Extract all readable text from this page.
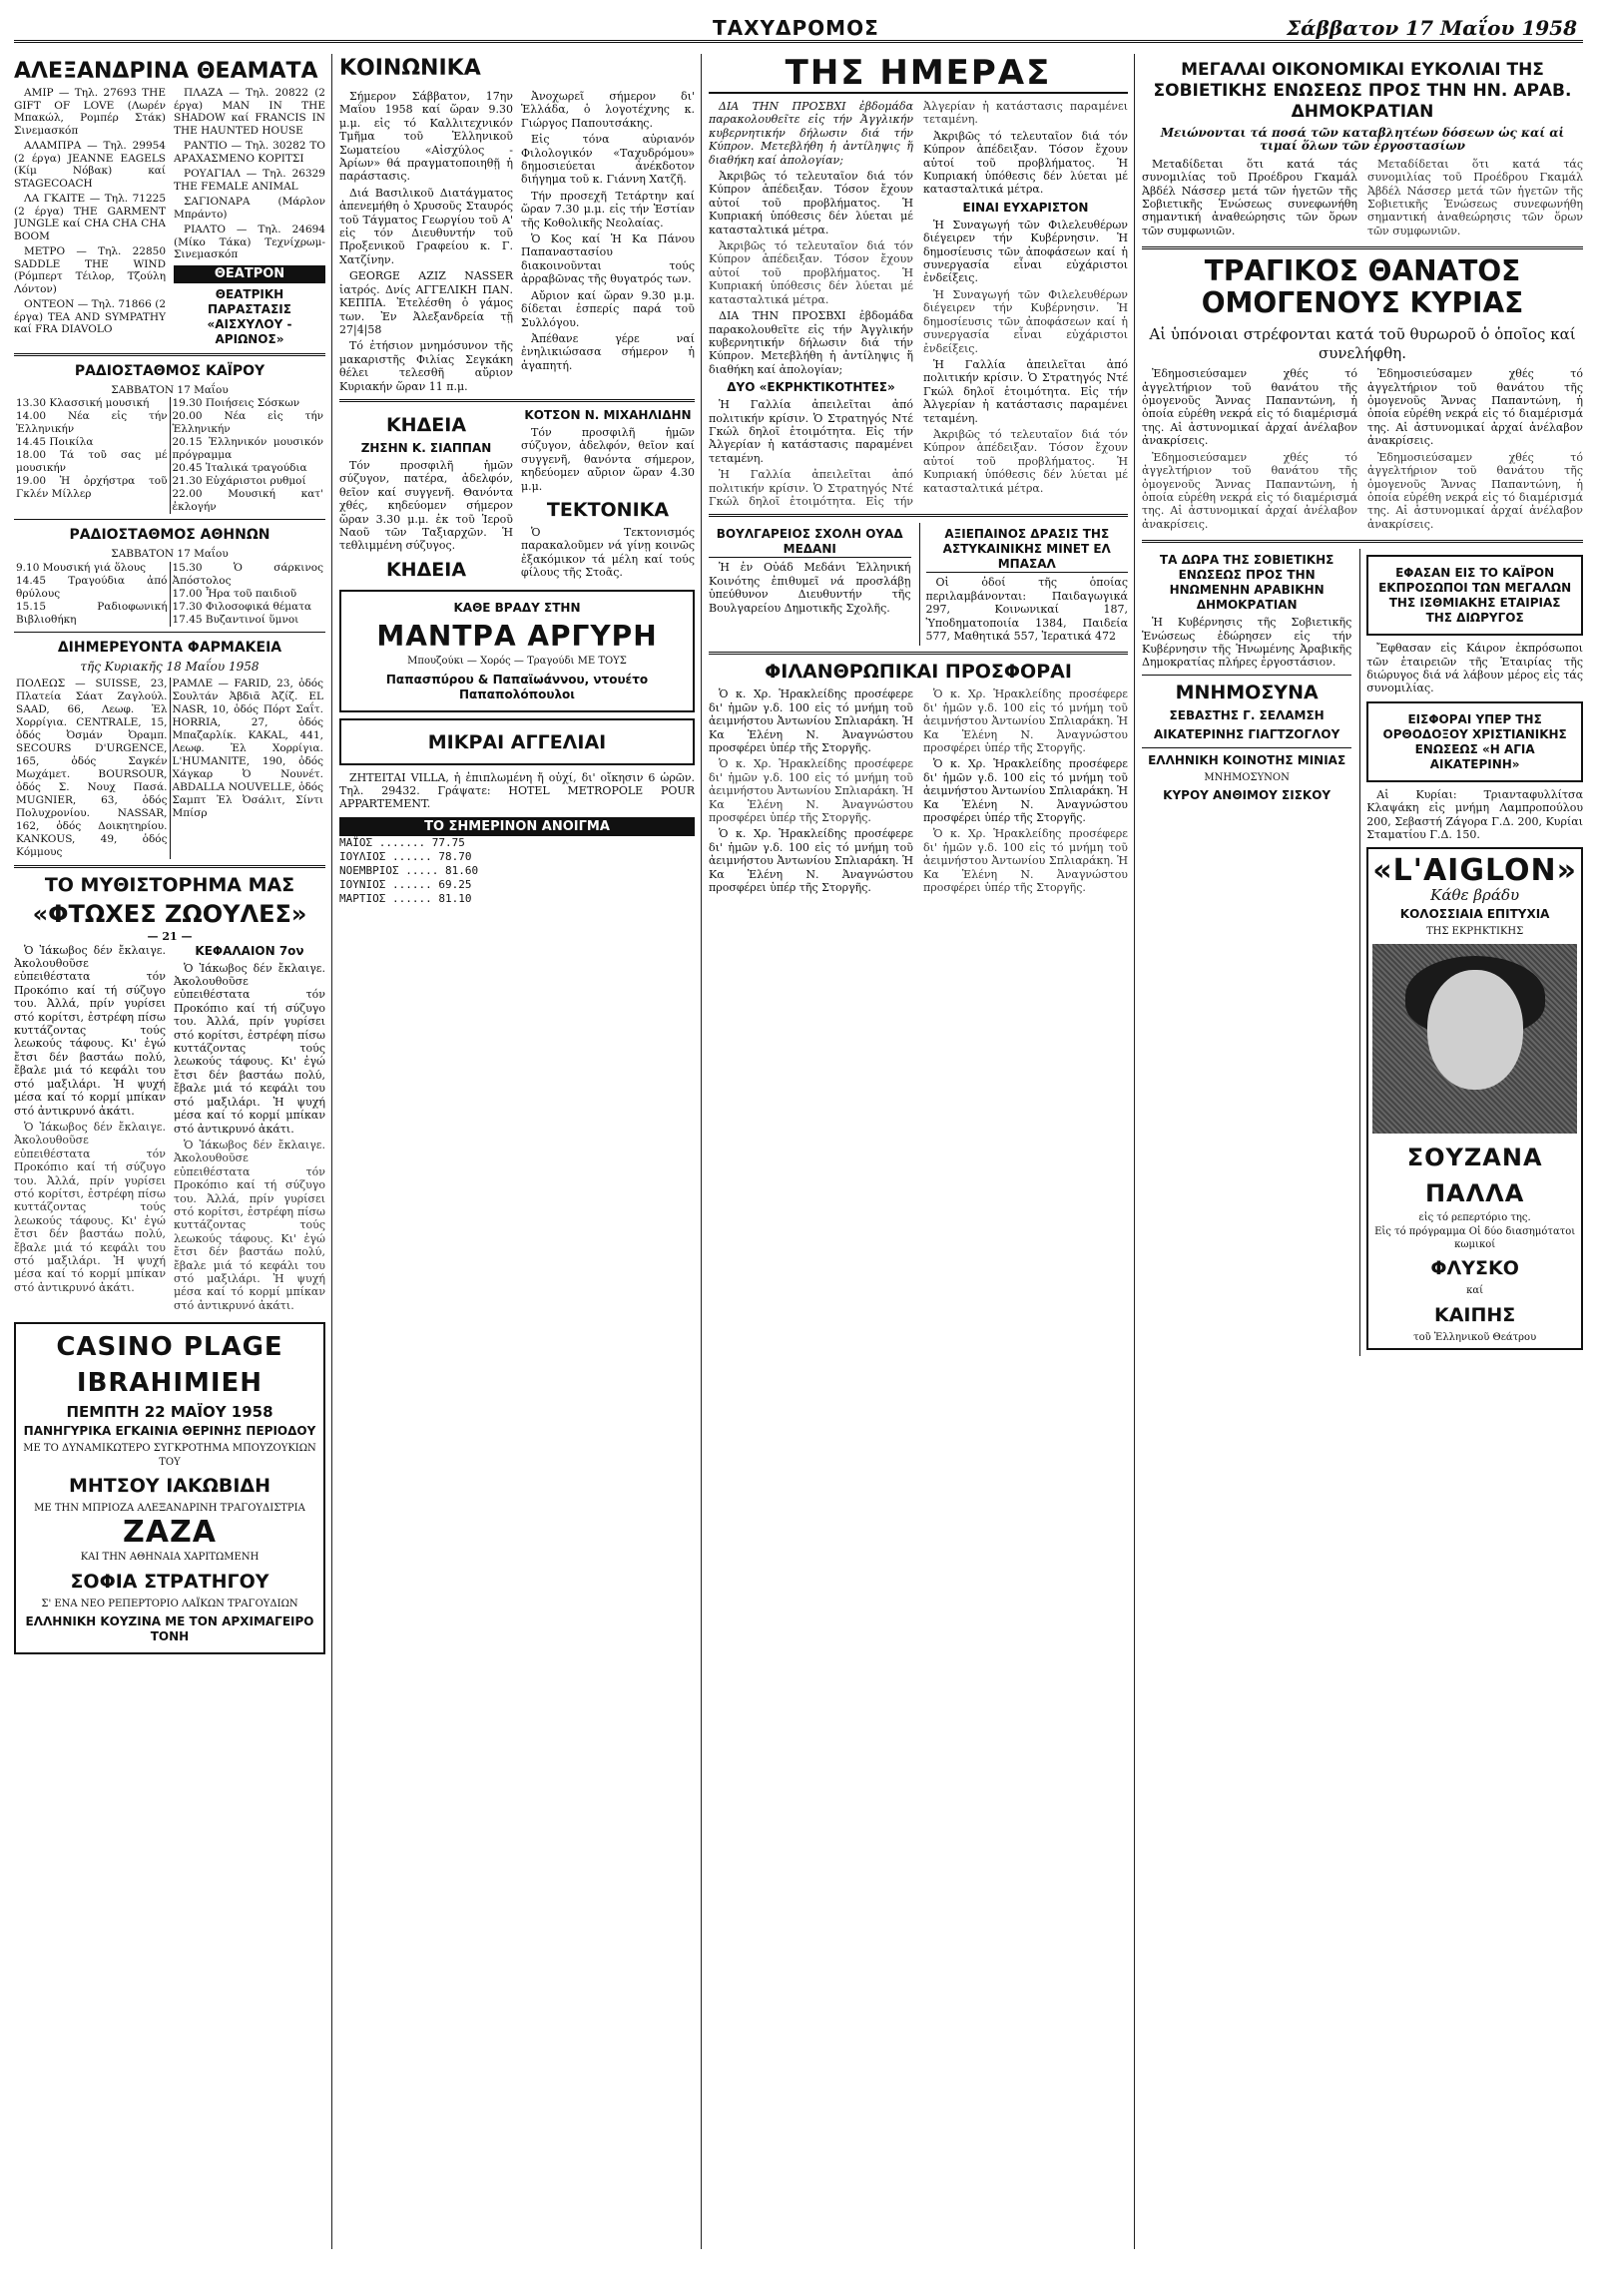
ΤΑΧΥΔΡΟΜΟΣ	Σάββατον 17 Μαΐου 1958
ΑΛΕΞΑΝΔΡΙΝΑ ΘΕΑΜΑΤΑ

ΑΜΙΡ — Τηλ. 27693 THE GIFT OF LOVE (Λωρέν Μπακώλ, Ρομπέρ Στάκ) Σινεμασκόπ

ΑΛΑΜΠΡΑ — Τηλ. 29954 (2 έργα) JEANNE EAGELS (Κίμ Νόβακ) καί STAGECOACH

ΛΑ ΓΚΑΙΤΕ — Τηλ. 71225 (2 έργα) THE GARMENT JUNGLE καί CHA CHA CHA BOOM

ΜΕΤΡΟ — Τηλ. 22850 SADDLE THE WIND (Ρόμπερτ Τέιλορ, Τζούλη Λόντον)

ΟΝΤΕΟΝ — Τηλ. 71866 (2 έργα) TEA AND SYMPATHY καί FRA DIAVOLO

ΠΛΑΖΑ — Τηλ. 20822 (2 έργα) MAN IN THE SHADOW καί FRANCIS IN THE HAUNTED HOUSE

ΡΑΝΤΙΟ — Τηλ. 30282 ΤΟ ΑΡΑΧΑΣΜΕΝΟ ΚΟΡΙΤΣΙ

ΡΟΥΑΓΙΑΛ — Τηλ. 26329 THE FEMALE ANIMAL

ΣΑΓΙΟΝΑΡΑ (Μάρλον Μπράντο)

ΡΙΑΛΤΟ — Τηλ. 24694 (Μίκο Τάκα) Τεχνίχρωμ-Σινεμασκόπ

ΘΕΑΤΡΟΝ
ΘΕΑΤΡΙΚΗ ΠΑΡΑΣΤΑΣΙΣ «ΑΙΣΧΥΛΟΥ - ΑΡΙΩΝΟΣ»
ΡΑΔΙΟΣΤΑΘΜΟΣ ΚΑΪΡΟΥ
ΣΑΒΒΑΤΟΝ 17 Μαΐου
13.30 Κλασσική μουσική
14.00 Νέα εἰς τήν Ἑλληνικήν
14.45 Ποικίλα
18.00 Τά τοῦ σας μέ μουσικήν
19.00 Ἡ ὀρχήστρα τοῦ Γκλέν Μίλλερ

19.30 Ποιήσεις Σόσκων
20.00 Νέα εἰς τήν Ἑλληνικήν
20.15 Ἑλληνικόν μουσικόν πρόγραμμα
20.45 Ἰταλικά τραγούδια
21.30 Εὐχάριστοι ρυθμοί
22.00 Μουσική κατ' ἐκλογήν
ΡΑΔΙΟΣΤΑΘΜΟΣ ΑΘΗΝΩΝ
ΣΑΒΒΑΤΟΝ 17 Μαΐου
9.10 Μουσική γιά ὅλους
14.45 Τραγούδια ἀπό θρύλους
15.15 Ραδιοφωνική Βιβλιοθήκη

15.30 Ὁ σάρκινος Ἀπόστολος
17.00 Ἦρα τοῦ παιδιοῦ
17.30 Φιλοσοφικά θέματα
17.45 Βυζαντινοί ὕμνοι
ΔΙΗΜΕΡΕΥΟΝΤΑ ΦΑΡΜΑΚΕΙΑ
τῆς Κυριακῆς 18 Μαΐου 1958
ΠΟΛΕΩΣ — SUISSE, 23, Πλατεία Σάατ Ζαγλούλ. SAAD, 66, Λεωφ. Ἐλ Χορρίγια. CENTRALE, 15, ὁδός Ὀσμάν Ὀραμπ. SECOURS D'URGENCE, 165, ὁδός Σαγκέν Μωχάμετ. BOURSOUR, ὁδός Σ. Νουχ Πασά. MUGNIER, 63, ὁδός Πολυχρονίου. NASSAR, 162, ὁδός Δοικητηρίου. KANKOUS, 49, ὁδός Κόμμους	ΡΑΜΛΕ — FARID, 23, ὁδός Σουλτάν Ἀβδιᾶ Ἀζίζ. EL NASR, 10, ὁδός Πόρτ Σαΐτ. HORRIA, 27, ὁδός Μπαζαρλίκ. KAKAL, 441, Λεωφ. Ἐλ Χορρίγια. L'HUMANITE, 190, ὁδός Χάγκαρ Ὀ Νουνέτ. ABDALLA NOUVELLE, ὁδός Σαμπτ Ἐλ Ὀσάλιτ, Σίντι Μπίσρ
ΤΟ ΜΥΘΙΣΤΟΡΗΜΑ ΜΑΣ
«ΦΤΩΧΕΣ ΖΩΟΥΛΕΣ»
— 21 —

Ὁ Ἰάκωβος δέν ἔκλαιγε. Ἀκολουθοῦσε εὐπειθέστατα τόν Προκόπιο καί τή σύζυγο του. Ἀλλά, πρίν γυρίσει στό κορίτσι, ἐστρέφη πίσω κυττάζοντας τούς λεωκούς τάφους. Κι' ἐγώ ἔτσι δέν βαστάω πολύ, ἔβαλε μιά τό κεφάλι του στό μαξιλάρι. Ἡ ψυχή μέσα καί τό κορμί μπίκαν στό ἀντικρυνό ἀκάτι.

Ὁ Ἰάκωβος δέν ἔκλαιγε. Ἀκολουθοῦσε εὐπειθέστατα τόν Προκόπιο καί τή σύζυγο του. Ἀλλά, πρίν γυρίσει στό κορίτσι, ἐστρέφη πίσω κυττάζοντας τούς λεωκούς τάφους. Κι' ἐγώ ἔτσι δέν βαστάω πολύ, ἔβαλε μιά τό κεφάλι του στό μαξιλάρι. Ἡ ψυχή μέσα καί τό κορμί μπίκαν στό ἀντικρυνό ἀκάτι.

ΚΕΦΑΛΑΙΟΝ 7ον

Ὁ Ἰάκωβος δέν ἔκλαιγε. Ἀκολουθοῦσε εὐπειθέστατα τόν Προκόπιο καί τή σύζυγο του. Ἀλλά, πρίν γυρίσει στό κορίτσι, ἐστρέφη πίσω κυττάζοντας τούς λεωκούς τάφους. Κι' ἐγώ ἔτσι δέν βαστάω πολύ, ἔβαλε μιά τό κεφάλι του στό μαξιλάρι. Ἡ ψυχή μέσα καί τό κορμί μπίκαν στό ἀντικρυνό ἀκάτι.

Ὁ Ἰάκωβος δέν ἔκλαιγε. Ἀκολουθοῦσε εὐπειθέστατα τόν Προκόπιο καί τή σύζυγο του. Ἀλλά, πρίν γυρίσει στό κορίτσι, ἐστρέφη πίσω κυττάζοντας τούς λεωκούς τάφους. Κι' ἐγώ ἔτσι δέν βαστάω πολύ, ἔβαλε μιά τό κεφάλι του στό μαξιλάρι. Ἡ ψυχή μέσα καί τό κορμί μπίκαν στό ἀντικρυνό ἀκάτι.

CASINO PLAGE IBRAHIMIEH
ΠΕΜΠΤΗ 22 ΜΑΪΟΥ 1958
ΠΑΝΗΓΥΡΙΚΑ ΕΓΚΑΙΝΙΑ ΘΕΡΙΝΗΣ ΠΕΡΙΟΔΟΥ
ΜΕ ΤΟ ΔΥΝΑΜΙΚΩΤΕΡΟ ΣΥΓΚΡΟΤΗΜΑ ΜΠΟΥΖΟΥΚΙΩΝ ΤΟΥ
ΜΗΤΣΟΥ ΙΑΚΩΒΙΔΗ
ΜΕ ΤΗΝ ΜΠΡΙΟΖΑ ΑΛΕΞΑΝΔΡΙΝΗ ΤΡΑΓΟΥΔΙΣΤΡΙΑ
ΖΑΖΑ
ΚΑΙ ΤΗΝ ΑΘΗΝΑΙΑ ΧΑΡΙΤΩΜΕΝΗ
ΣΟΦΙΑ ΣΤΡΑΤΗΓΟΥ
Σ' ΕΝΑ ΝΕΟ ΡΕΠΕΡΤΟΡΙΟ ΛΑΪΚΩΝ ΤΡΑΓΟΥΔΙΩΝ
ΕΛΛΗΝΙΚΗ ΚΟΥΖΙΝΑ ΜΕ ΤΟΝ ΑΡΧΙΜΑΓΕΙΡΟ ΤΟΝΗ
ΚΟΙΝΩΝΙΚΑ

Σήμερον Σάββατον, 17ην Μαΐου 1958 καί ὥραν 9.30 μ.μ. εἰς τό Καλλιτεχνικόν Τμῆμα τοῦ Ἑλληνικοῦ Σωματείου «Αἰσχύλος - Ἀρίων» θά πραγματοποιηθῇ ἡ παράστασις.

Διά Βασιλικοῦ Διατάγματος ἀπενεμήθη ὁ Χρυσοῦς Σταυρός τοῦ Τάγματος Γεωργίου τοῦ Α' εἰς τόν Διευθυντήν τοῦ Προξενικοῦ Γραφείου κ. Γ. Χατζίνην.

GEORGE AZIZ NASSER ἰατρός. Δνίς ΑΓΓΕΛΙΚΗ ΠΑΝ. ΚΕΠΠΑ. Ἐτελέσθη ὁ γάμος των. Ἐν Ἀλεξανδρεία τῇ 27|4|58

Τό ἐτήσιον μνημόσυνον τῆς μακαριστῆς Φιλίας Σεγκάκη θέλει τελεσθῆ αὔριον Κυριακήν ὥραν 11 π.μ.

Ἀνοχωρεῖ σήμερον δι' Ἑλλάδα, ὁ λογοτέχνης κ. Γιώργος Παπουτσάκης.

Εἰς τόνα αὐριανόν Φιλολογικόν «Ταχυδρόμου» δημοσιεύεται ἀνέκδοτον διήγημα τοῦ κ. Γιάννη Χατζῆ.

Τήν προσεχῆ Τετάρτην καί ὥραν 7.30 μ.μ. εἰς τήν Ἑστίαν τῆς Κοθολικῆς Νεολαίας.

Ὁ Κος καί Ἡ Κα Πάνου Παπαναστασίου διακοινοῦνται τούς ἀρραβῶνας τῆς θυγατρός των.

Αὔριον καί ὥραν 9.30 μ.μ. δίδεται ἑσπερίς παρά τοῦ Συλλόγου.

Ἀπέθανε γέρε ναί ἐνηλικιώσασα σήμερον ἡ ἀγαπητή.

ΚΗΔΕΙΑ
ΖΗΣΗΝ Κ. ΣΙΑΠΠΑΝ

Τόν προσφιλῆ ἡμῶν σύζυγον, πατέρα, ἀδελφόν, θεῖον καί συγγενῆ. Θανόντα χθές, κηδεύομεν σήμερον ὥραν 3.30 μ.μ. ἐκ τοῦ Ἱεροῦ Ναοῦ τῶν Ταξιαρχῶν. Ἡ τεθλιμμένη σύζυγος.

ΚΗΔΕΙΑ
ΚΟΤΣΟΝ Ν. ΜΙΧΑΗΛΙΔΗΝ

Τόν προσφιλῆ ἡμῶν σύζυγον, ἀδελφόν, θεῖον καί συγγενῆ, θανόντα σήμερον, κηδεύομεν αὔριον ὥραν 4.30 μ.μ.

ΤΕΚΤΟΝΙΚΑ

Ὁ Τεκτονισμός παρακαλοῦμεν νά γίνῃ κοινῶς ἐξακόμικον τά μέλη καί τούς φίλους τῆς Στοᾶς.

ΚΑΘΕ ΒΡΑΔΥ ΣΤΗΝ
ΜΑΝΤΡΑ ΑΡΓΥΡΗ
Μπουζούκι — Χορός — Τραγούδι ΜΕ ΤΟΥΣ
Παπασπύρου & Παπαϊωάννου, ντουέτο Παπαπολόπουλοι
ΜΙΚΡΑΙ ΑΓΓΕΛΙΑΙ

ΖΗΤΕΙΤΑΙ VILLA, ἡ ἐπιπλωμένη ἤ οὐχί, δι' οἴκησιν 6 ὡρῶν. Τηλ. 29432. Γράψατε: HOTEL METROPOLE POUR APPARTEMENT.

ΤΟ ΣΗΜΕΡΙΝΟΝ ΑΝΟΙΓΜΑ
ΜΑΪΟΣ ....... 77.75
ΙΟΥΛΙΟΣ ...... 78.70
ΝΟΕΜΒΡΙΟΣ ..... 81.60
ΙΟΥΝΙΟΣ ...... 69.25
ΜΑΡΤΙΟΣ ...... 81.10
ΤΗΣ ΗΜΕΡΑΣ

ΔΙΑ ΤΗΝ ΠΡΟΣΒΧΙ ἐβδομάδα παρακολουθεῖτε εἰς τήν Ἀγγλικήν κυβερνητικήν δήλωσιν διά τήν Κύπρον. Μετεβλήθη ἡ ἀντίληψις ἥ διαθήκη καί ἀπολογίαν;

Ἀκριβῶς τό τελευταῖον διά τόν Κύπρον ἀπέδειξαν. Τόσον ἔχουν αὐτοί τοῦ προβλήματος. Ἡ Κυπριακή ὑπόθεσις δέν λύεται μέ κατασταλτικά μέτρα.

Ἀκριβῶς τό τελευταῖον διά τόν Κύπρον ἀπέδειξαν. Τόσον ἔχουν αὐτοί τοῦ προβλήματος. Ἡ Κυπριακή ὑπόθεσις δέν λύεται μέ κατασταλτικά μέτρα.

ΔΙΑ ΤΗΝ ΠΡΟΣΒΧΙ ἐβδομάδα παρακολουθεῖτε εἰς τήν Ἀγγλικήν κυβερνητικήν δήλωσιν διά τήν Κύπρον. Μετεβλήθη ἡ ἀντίληψις ἥ διαθήκη καί ἀπολογίαν;

ΔΥΟ «ΕΚΡΗΚΤΙΚΟΤΗΤΕΣ»

Ἡ Γαλλία ἀπειλεῖται ἀπό πολιτικήν κρίσιν. Ὁ Στρατηγός Ντέ Γκώλ δηλοῖ ἑτοιμότητα. Εἰς τήν Ἀλγερίαν ἡ κατάστασις παραμένει τεταμένη.

Ἡ Γαλλία ἀπειλεῖται ἀπό πολιτικήν κρίσιν. Ὁ Στρατηγός Ντέ Γκώλ δηλοῖ ἑτοιμότητα. Εἰς τήν Ἀλγερίαν ἡ κατάστασις παραμένει τεταμένη.

Ἀκριβῶς τό τελευταῖον διά τόν Κύπρον ἀπέδειξαν. Τόσον ἔχουν αὐτοί τοῦ προβλήματος. Ἡ Κυπριακή ὑπόθεσις δέν λύεται μέ κατασταλτικά μέτρα.

ΕΙΝΑΙ ΕΥΧΑΡΙΣΤΟΝ

Ἡ Συναγωγή τῶν Φιλελευθέρων διέγειρεν τήν Κυβέρνησιν. Ἡ δημοσίευσις τῶν ἀποφάσεων καί ἡ συνεργασία εἶναι εὐχάριστοι ἐνδείξεις.

Ἡ Συναγωγή τῶν Φιλελευθέρων διέγειρεν τήν Κυβέρνησιν. Ἡ δημοσίευσις τῶν ἀποφάσεων καί ἡ συνεργασία εἶναι εὐχάριστοι ἐνδείξεις.

Ἡ Γαλλία ἀπειλεῖται ἀπό πολιτικήν κρίσιν. Ὁ Στρατηγός Ντέ Γκώλ δηλοῖ ἑτοιμότητα. Εἰς τήν Ἀλγερίαν ἡ κατάστασις παραμένει τεταμένη.

Ἀκριβῶς τό τελευταῖον διά τόν Κύπρον ἀπέδειξαν. Τόσον ἔχουν αὐτοί τοῦ προβλήματος. Ἡ Κυπριακή ὑπόθεσις δέν λύεται μέ κατασταλτικά μέτρα.

ΒΟΥΛΓΑΡΕΙΟΣ ΣΧΟΛΗ ΟΥΑΔ ΜΕΔΑΝΙ

Ἡ ἐν Οὐάδ Μεδάνι Ἑλληνική Κοινότης ἐπιθυμεῖ νά προσλάβῃ ὑπεύθυνον Διευθυντήν τῆς Βουλγαρείου Δημοτικῆς Σχολῆς.

ΑΞΙΕΠΑΙΝΟΣ ΔΡΑΣΙΣ ΤΗΣ ΑΣΤΥΚΑΙΝΙΚΗΣ ΜΙΝΕΤ ΕΛ ΜΠΑΣΑΛ

Οἱ ὁδοί τῆς ὁποίας περιλαμβάνονται: Παιδαγωγικά 297, Κοινωνικαί 187, Ὑποδηματοποιία 1384, Παιδεία 577, Μαθητικά 557, Ἱερατικά 472

ΦΙΛΑΝΘΡΩΠΙΚΑΙ ΠΡΟΣΦΟΡΑΙ

Ὁ κ. Χρ. Ἡρακλείδης προσέφερε δι' ἡμῶν γ.δ. 100 εἰς τό μνήμη τοῦ ἀειμνήστου Ἀντωνίου Σπλιαράκη. Ἡ Κα Ἑλένη Ν. Ἀναγνώστου προσφέρει ὑπέρ τῆς Στοργῆς.

Ὁ κ. Χρ. Ἡρακλείδης προσέφερε δι' ἡμῶν γ.δ. 100 εἰς τό μνήμη τοῦ ἀειμνήστου Ἀντωνίου Σπλιαράκη. Ἡ Κα Ἑλένη Ν. Ἀναγνώστου προσφέρει ὑπέρ τῆς Στοργῆς.

Ὁ κ. Χρ. Ἡρακλείδης προσέφερε δι' ἡμῶν γ.δ. 100 εἰς τό μνήμη τοῦ ἀειμνήστου Ἀντωνίου Σπλιαράκη. Ἡ Κα Ἑλένη Ν. Ἀναγνώστου προσφέρει ὑπέρ τῆς Στοργῆς.

Ὁ κ. Χρ. Ἡρακλείδης προσέφερε δι' ἡμῶν γ.δ. 100 εἰς τό μνήμη τοῦ ἀειμνήστου Ἀντωνίου Σπλιαράκη. Ἡ Κα Ἑλένη Ν. Ἀναγνώστου προσφέρει ὑπέρ τῆς Στοργῆς.

Ὁ κ. Χρ. Ἡρακλείδης προσέφερε δι' ἡμῶν γ.δ. 100 εἰς τό μνήμη τοῦ ἀειμνήστου Ἀντωνίου Σπλιαράκη. Ἡ Κα Ἑλένη Ν. Ἀναγνώστου προσφέρει ὑπέρ τῆς Στοργῆς.

Ὁ κ. Χρ. Ἡρακλείδης προσέφερε δι' ἡμῶν γ.δ. 100 εἰς τό μνήμη τοῦ ἀειμνήστου Ἀντωνίου Σπλιαράκη. Ἡ Κα Ἑλένη Ν. Ἀναγνώστου προσφέρει ὑπέρ τῆς Στοργῆς.

ΜΕΓΑΛΑΙ ΟΙΚΟΝΟΜΙΚΑΙ ΕΥΚΟΛΙΑΙ ΤΗΣ ΣΟΒΙΕΤΙΚΗΣ ΕΝΩΣΕΩΣ ΠΡΟΣ ΤΗΝ ΗΝ. ΑΡΑΒ. ΔΗΜΟΚΡΑΤΙΑΝ
Μειώνονται τά ποσά τῶν καταβλητέων δόσεων ὡς καί αἱ τιμαί ὅλων τῶν ἐργοστασίων

Μεταδίδεται ὅτι κατά τάς συνομιλίας τοῦ Προέδρου Γκαμάλ Ἀβδέλ Νάσσερ μετά τῶν ἡγετῶν τῆς Σοβιετικῆς Ἑνώσεως συνεφωνήθη σημαντική ἀναθεώρησις τῶν ὅρων τῶν συμφωνιῶν.

Μεταδίδεται ὅτι κατά τάς συνομιλίας τοῦ Προέδρου Γκαμάλ Ἀβδέλ Νάσσερ μετά τῶν ἡγετῶν τῆς Σοβιετικῆς Ἑνώσεως συνεφωνήθη σημαντική ἀναθεώρησις τῶν ὅρων τῶν συμφωνιῶν.

ΤΡΑΓΙΚΟΣ ΘΑΝΑΤΟΣ ΟΜΟΓΕΝΟΥΣ ΚΥΡΙΑΣ
Αἱ ὑπόνοιαι στρέφονται κατά τοῦ θυρωροῦ ὁ ὁποῖος καί συνελήφθη.

Ἐδημοσιεύσαμεν χθές τό ἀγγελτήριον τοῦ θανάτου τῆς ὁμογενοῦς Ἄννας Παπαντώνη, ἡ ὁποία εὑρέθη νεκρά εἰς τό διαμέρισμά της. Αἱ ἀστυνομικαί ἀρχαί ἀνέλαβον ἀνακρίσεις.

Ἐδημοσιεύσαμεν χθές τό ἀγγελτήριον τοῦ θανάτου τῆς ὁμογενοῦς Ἄννας Παπαντώνη, ἡ ὁποία εὑρέθη νεκρά εἰς τό διαμέρισμά της. Αἱ ἀστυνομικαί ἀρχαί ἀνέλαβον ἀνακρίσεις.

Ἐδημοσιεύσαμεν χθές τό ἀγγελτήριον τοῦ θανάτου τῆς ὁμογενοῦς Ἄννας Παπαντώνη, ἡ ὁποία εὑρέθη νεκρά εἰς τό διαμέρισμά της. Αἱ ἀστυνομικαί ἀρχαί ἀνέλαβον ἀνακρίσεις.

Ἐδημοσιεύσαμεν χθές τό ἀγγελτήριον τοῦ θανάτου τῆς ὁμογενοῦς Ἄννας Παπαντώνη, ἡ ὁποία εὑρέθη νεκρά εἰς τό διαμέρισμά της. Αἱ ἀστυνομικαί ἀρχαί ἀνέλαβον ἀνακρίσεις.

ΤΑ ΔΩΡΑ ΤΗΣ ΣΟΒΙΕΤΙΚΗΣ ΕΝΩΣΕΩΣ ΠΡΟΣ ΤΗΝ ΗΝΩΜΕΝΗΝ ΑΡΑΒΙΚΗΝ ΔΗΜΟΚΡΑΤΙΑΝ

Ἡ Κυβέρνησις τῆς Σοβιετικῆς Ἑνώσεως ἐδώρησεν εἰς τήν Κυβέρνησιν τῆς Ἡνωμένης Ἀραβικῆς Δημοκρατίας πλήρες ἐργοστάσιον.

ΜΝΗΜΟΣΥΝΑ
ΣΕΒΑΣΤΗΣ Γ. ΣΕΛΑΜΣΗ
ΑΙΚΑΤΕΡΙΝΗΣ ΓΙΑΓΤΖΟΓΛΟΥ
ΕΛΛΗΝΙΚΗ ΚΟΙΝΟΤΗΣ ΜΙΝΙΑΣ
ΜΝΗΜΟΣΥΝΟΝ
ΚΥΡΟΥ ΑΝΘΙΜΟΥ ΣΙΣΚΟΥ
ΕΦΑΣΑΝ ΕΙΣ ΤΟ ΚΑΪΡΟΝ ΕΚΠΡΟΣΩΠΟΙ ΤΩΝ ΜΕΓΑΛΩΝ ΤΗΣ ΙΣΘΜΙΑΚΗΣ ΕΤΑΙΡΙΑΣ ΤΗΣ ΔΙΩΡΥΓΟΣ

Ἔφθασαν εἰς Κάιρον ἐκπρόσωποι τῶν ἑταιρειῶν τῆς Ἑταιρίας τῆς διώρυγος διά νά λάβουν μέρος εἰς τάς συνομιλίας.

ΕΙΣΦΟΡΑΙ ΥΠΕΡ ΤΗΣ ΟΡΘΟΔΟΞΟΥ ΧΡΙΣΤΙΑΝΙΚΗΣ ΕΝΩΣΕΩΣ «Η ΑΓΙΑ ΑΙΚΑΤΕΡΙΝΗ»

Αἱ Κυρίαι: Τριανταφυλλίτσα Κλαψάκη εἰς μνήμη Λαμπροπούλου 200, Σεβαστή Ζάγορα Γ.Δ. 200, Κυρίαι Σταματίου Γ.Δ. 150.

«L'AIGLON»
Κάθε βράδυ
ΚΟΛΟΣΣΙΑΙΑ ΕΠΙΤΥΧΙΑ
ΤΗΣ ΕΚΡΗΚΤΙΚΗΣ
ΣΟΥΖΑΝΑ ΠΑΛΛΑ
εἰς τό ρεπερτόριο της.
Εἰς τό πρόγραμμα Οἱ δύο διασημότατοι κωμικοί
ΦΛΥΣΚΟ
καί
ΚΑΙΠΗΣ
τοῦ Ἑλληνικοῦ Θεάτρου
